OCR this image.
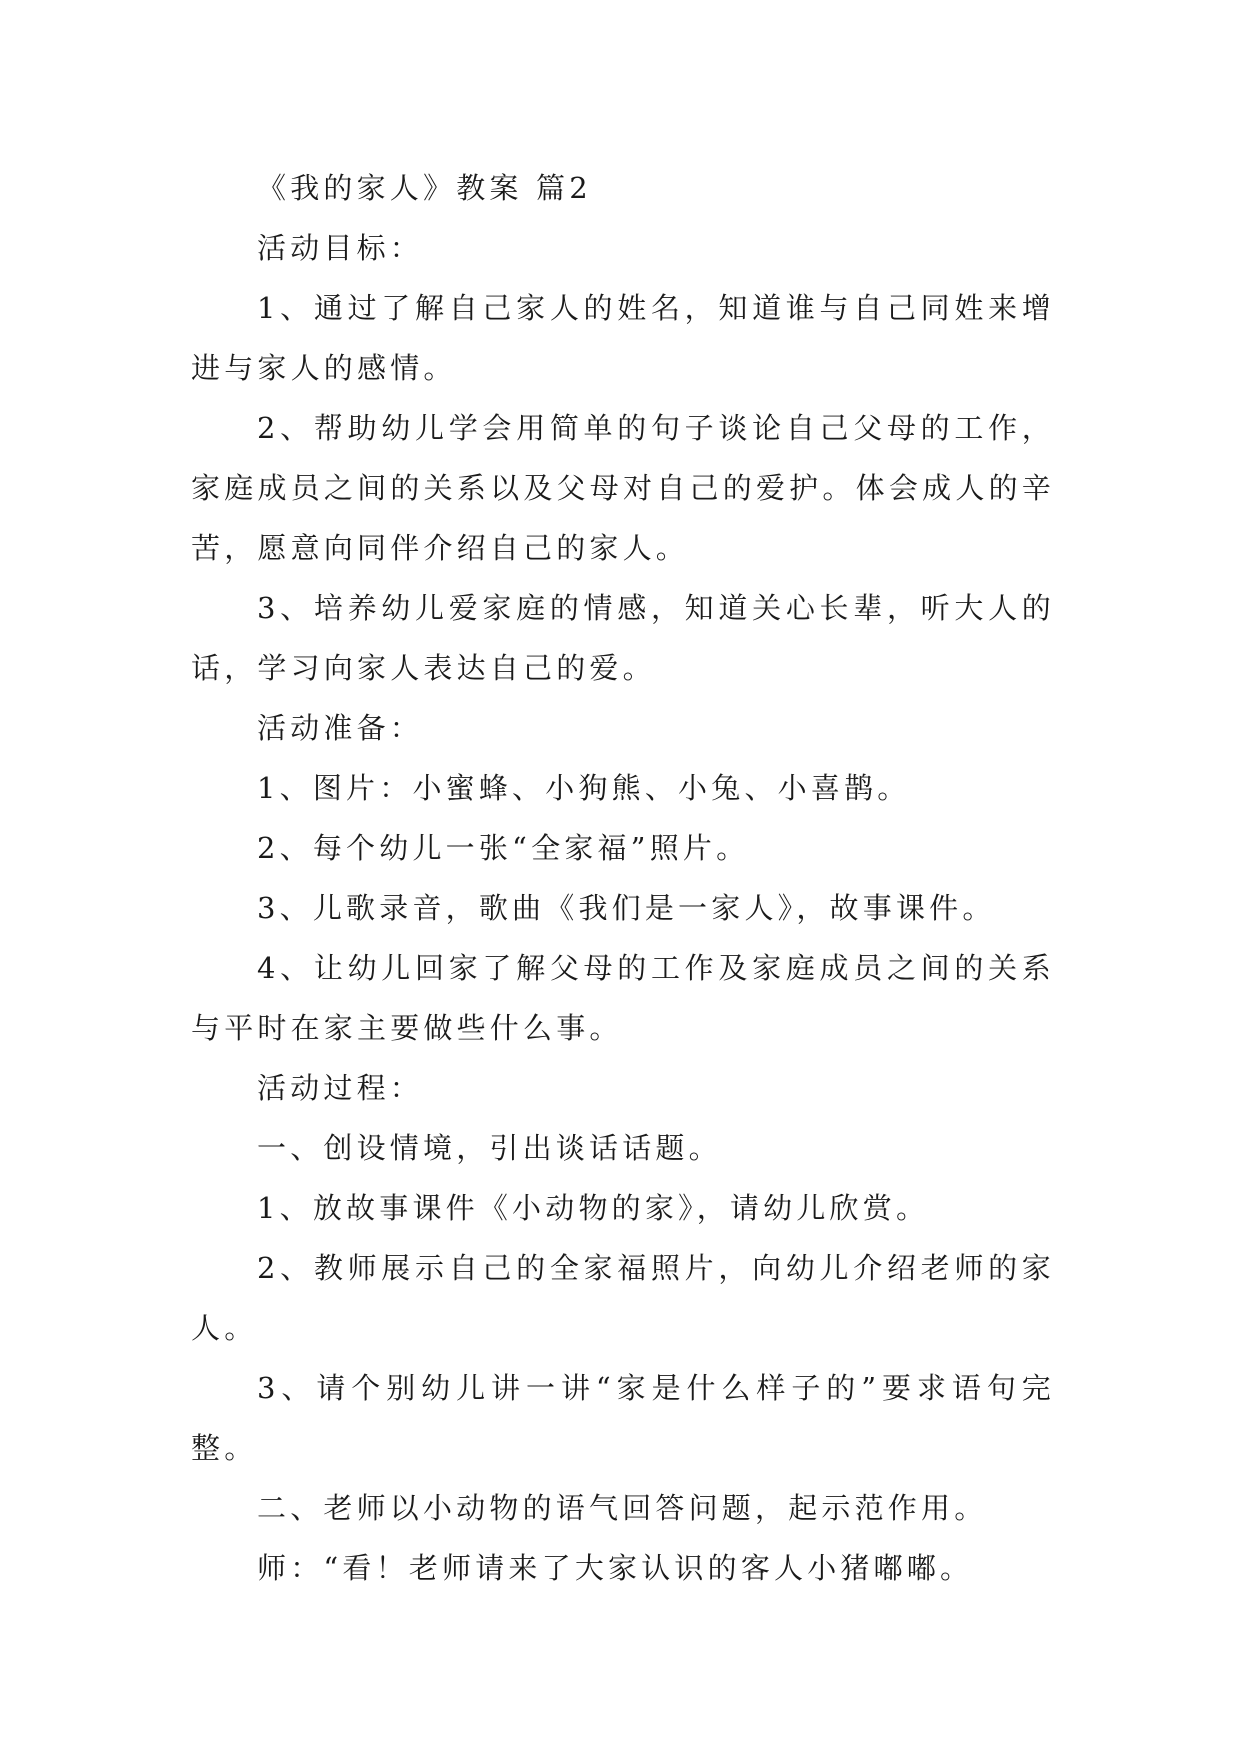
《我的家人》教案 篇2

活动目标：

1、通过了解自己家人的姓名，知道谁与自己同姓来增进与家人的感情。

2、帮助幼儿学会用简单的句子谈论自己父母的工作，家庭成员之间的关系以及父母对自己的爱护。体会成人的辛苦，愿意向同伴介绍自己的家人。

3、培养幼儿爱家庭的情感，知道关心长辈，听大人的话，学习向家人表达自己的爱。

活动准备：

1、图片：小蜜蜂、小狗熊、小兔、小喜鹊。

2、每个幼儿一张“全家福”照片。

3、儿歌录音，歌曲《我们是一家人》，故事课件。

4、让幼儿回家了解父母的工作及家庭成员之间的关系与平时在家主要做些什么事。

活动过程：

一、创设情境，引出谈话话题。

1、放故事课件《小动物的家》，请幼儿欣赏。

2、教师展示自己的全家福照片，向幼儿介绍老师的家人。

3、请个别幼儿讲一讲“家是什么样子的”要求语句完整。

二、老师以小动物的语气回答问题，起示范作用。

师：“看！老师请来了大家认识的客人小猪嘟嘟。
